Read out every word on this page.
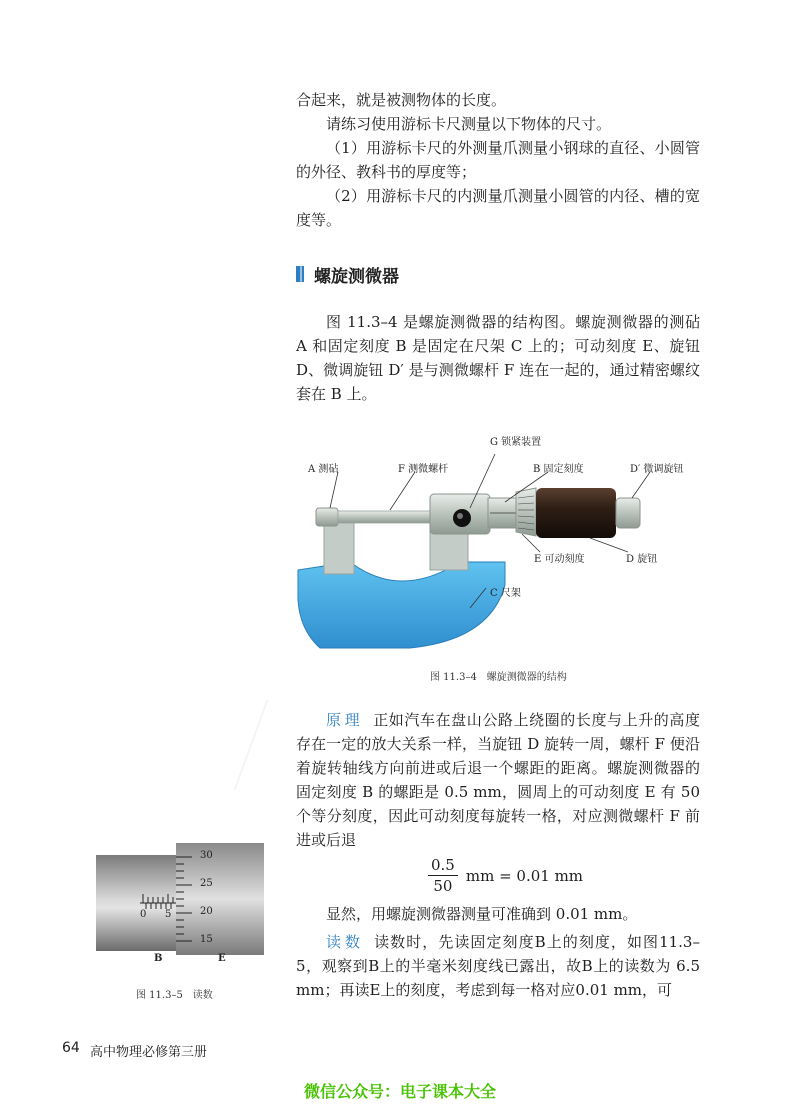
合起来，就是被测物体的长度。

请练习使用游标卡尺测量以下物体的尺寸。

（1）用游标卡尺的外测量爪测量小钢球的直径、小圆管的外径、教科书的厚度等；

（2）用游标卡尺的内测量爪测量小圆管的内径、槽的宽度等。

螺旋测微器

图 11.3–4 是螺旋测微器的结构图。螺旋测微器的测砧 A 和固定刻度 B 是固定在尺架 C 上的；可动刻度 E、旋钮 D、微调旋钮 D′ 是与测微螺杆 F 连在一起的，通过精密螺纹套在 B 上。

A 测砧	F 测微螺杆
G 锁紧装置
B 固定刻度	D′ 微调旋钮
E 可动刻度	D 旋钮
C 尺架
图 11.3–4　螺旋测微器的结构

原理 正如汽车在盘山公路上绕圈的长度与上升的高度存在一定的放大关系一样，当旋钮 D 旋转一周，螺杆 F 便沿着旋转轴线方向前进或后退一个螺距的距离。螺旋测微器的固定刻度 B 的螺距是 0.5 mm，圆周上的可动刻度 E 有 50 个等分刻度，因此可动刻度每旋转一格，对应测微螺杆 F 前进或后退

$\frac{0.5}{50}$ mm = 0.01 mm

显然，用螺旋测微器测量可准确到 0.01 mm。

读数 读数时，先读固定刻度B上的刻度，如图11.3–5，观察到B上的半毫米刻度线已露出，故B上的读数为 6.5 mm；再读E上的刻度，考虑到每一格对应0.01 mm，可

30
25
20
15
0 5
B	E
图 11.3–5　读数
64 高中物理必修第三册
微信公众号：电子课本大全
